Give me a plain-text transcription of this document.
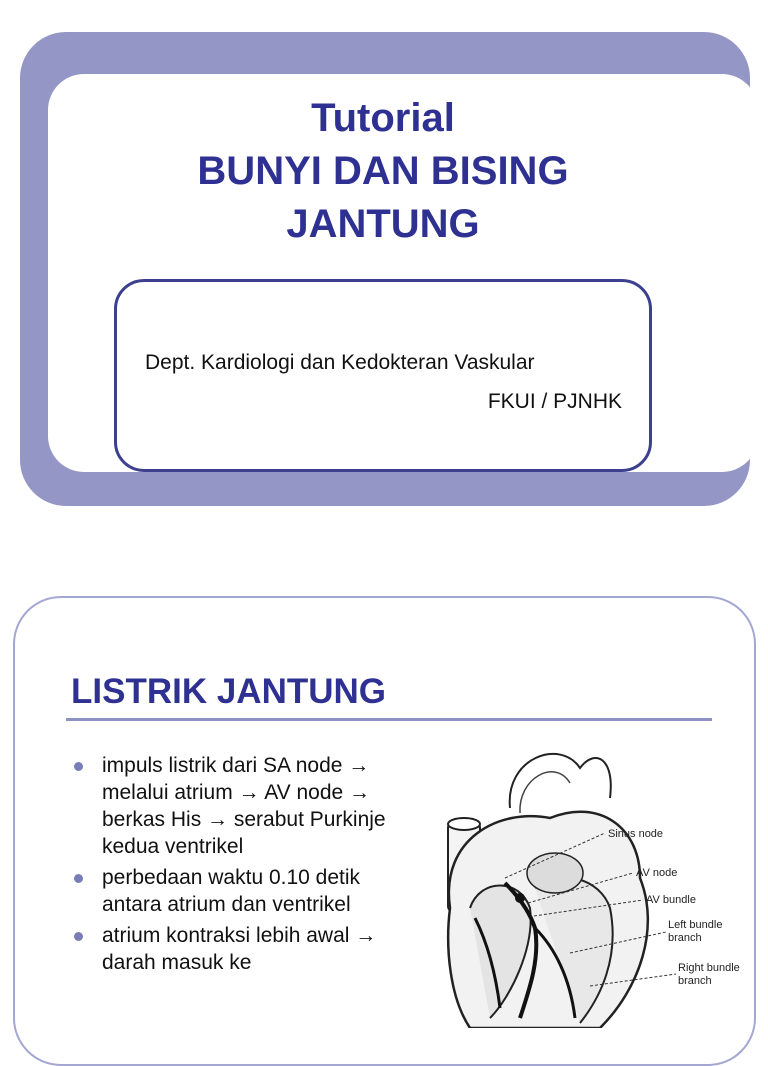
Tutorial
BUNYI DAN BISING
JANTUNG
Dept. Kardiologi dan Kedokteran Vaskular
FKUI / PJNHK
LISTRIK JANTUNG
impuls listrik dari SA node → melalui atrium → AV node → berkas His → serabut Purkinje kedua ventrikel
perbedaan waktu 0.10 detik antara atrium dan ventrikel
atrium kontraksi lebih awal → darah masuk ke
Sinus node
AV node
AV bundle
Left bundle
branch
Right bundle
branch
